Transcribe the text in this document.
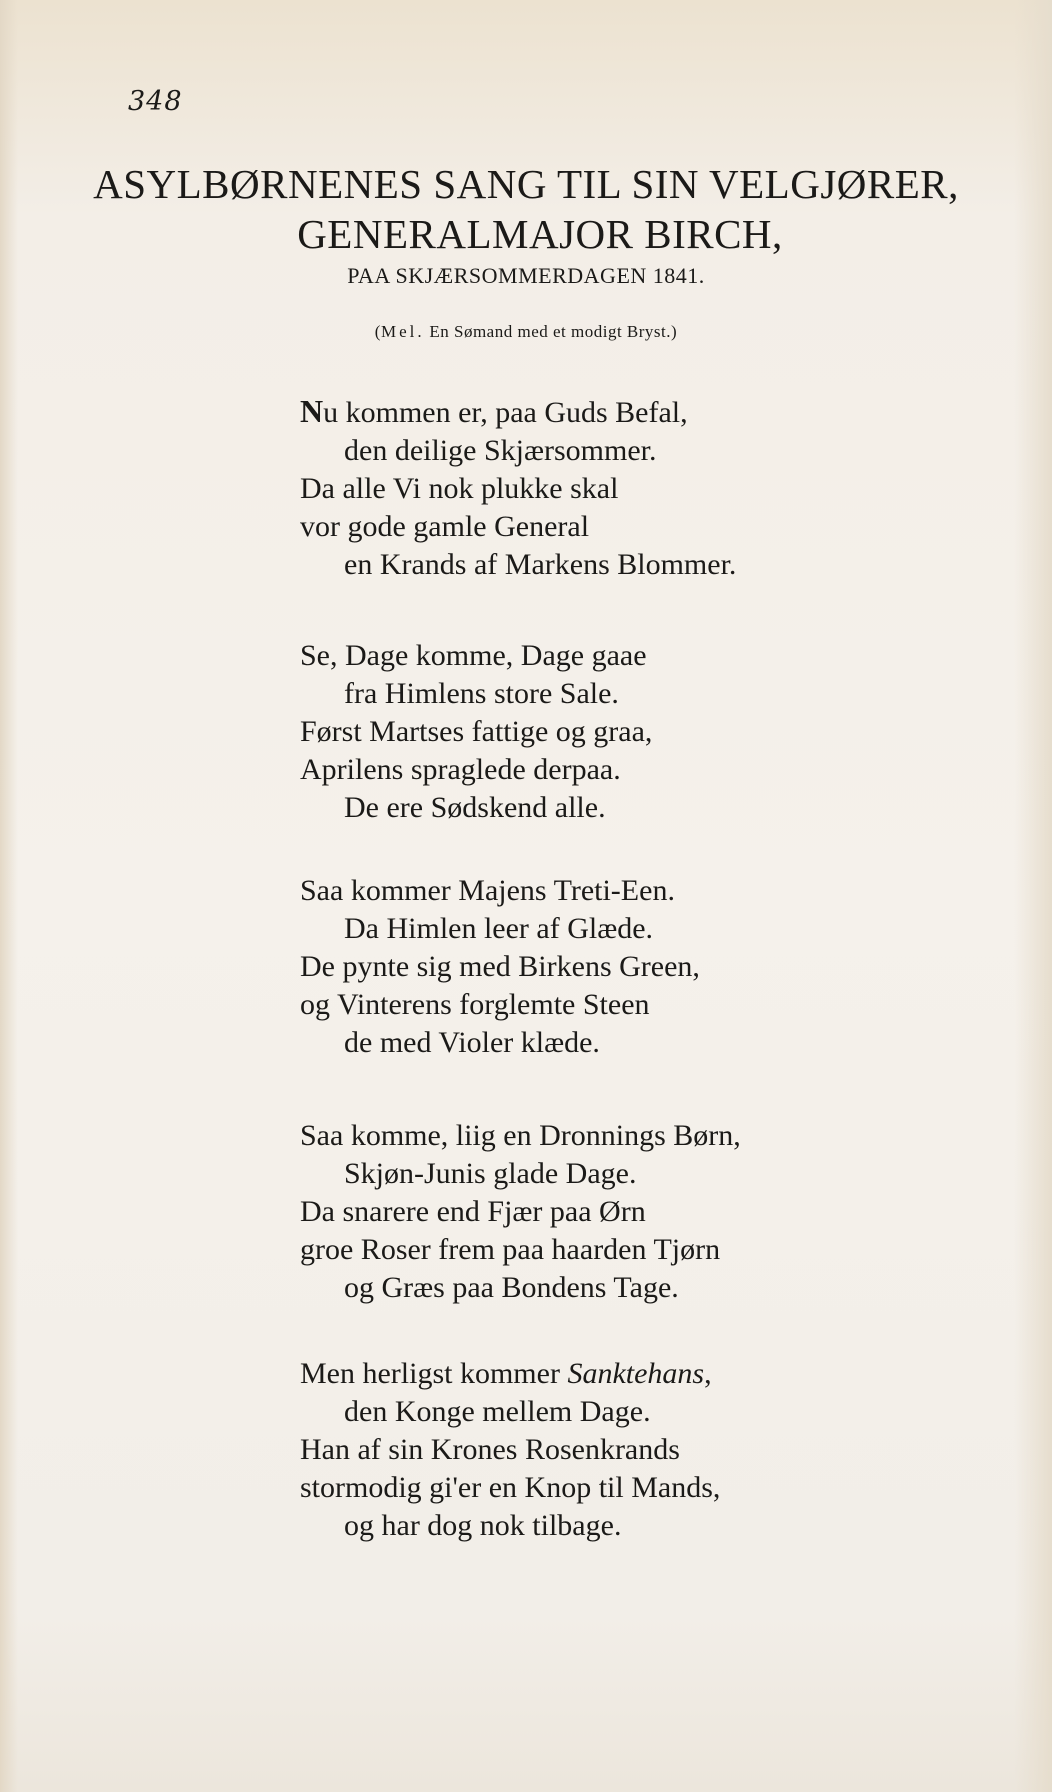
348
ASYLBØRNENES SANG TIL SIN VELGJØRER,
GENERALMAJOR BIRCH,
PAA SKJÆRSOMMERDAGEN 1841.
(Mel. En Sømand med et modigt Bryst.)
Nu kommen er, paa Guds Befal,
den deilige Skjærsommer.
Da alle Vi nok plukke skal
vor gode gamle General
en Krands af Markens Blommer.
Se, Dage komme, Dage gaae
fra Himlens store Sale.
Først Martses fattige og graa,
Aprilens spraglede derpaa.
De ere Sødskend alle.
Saa kommer Majens Treti-Een.
Da Himlen leer af Glæde.
De pynte sig med Birkens Green,
og Vinterens forglemte Steen
de med Violer klæde.
Saa komme, liig en Dronnings Børn,
Skjøn-Junis glade Dage.
Da snarere end Fjær paa Ørn
groe Roser frem paa haarden Tjørn
og Græs paa Bondens Tage.
Men herligst kommer Sanktehans,
den Konge mellem Dage.
Han af sin Krones Rosenkrands
stormodig gi'er en Knop til Mands,
og har dog nok tilbage.
